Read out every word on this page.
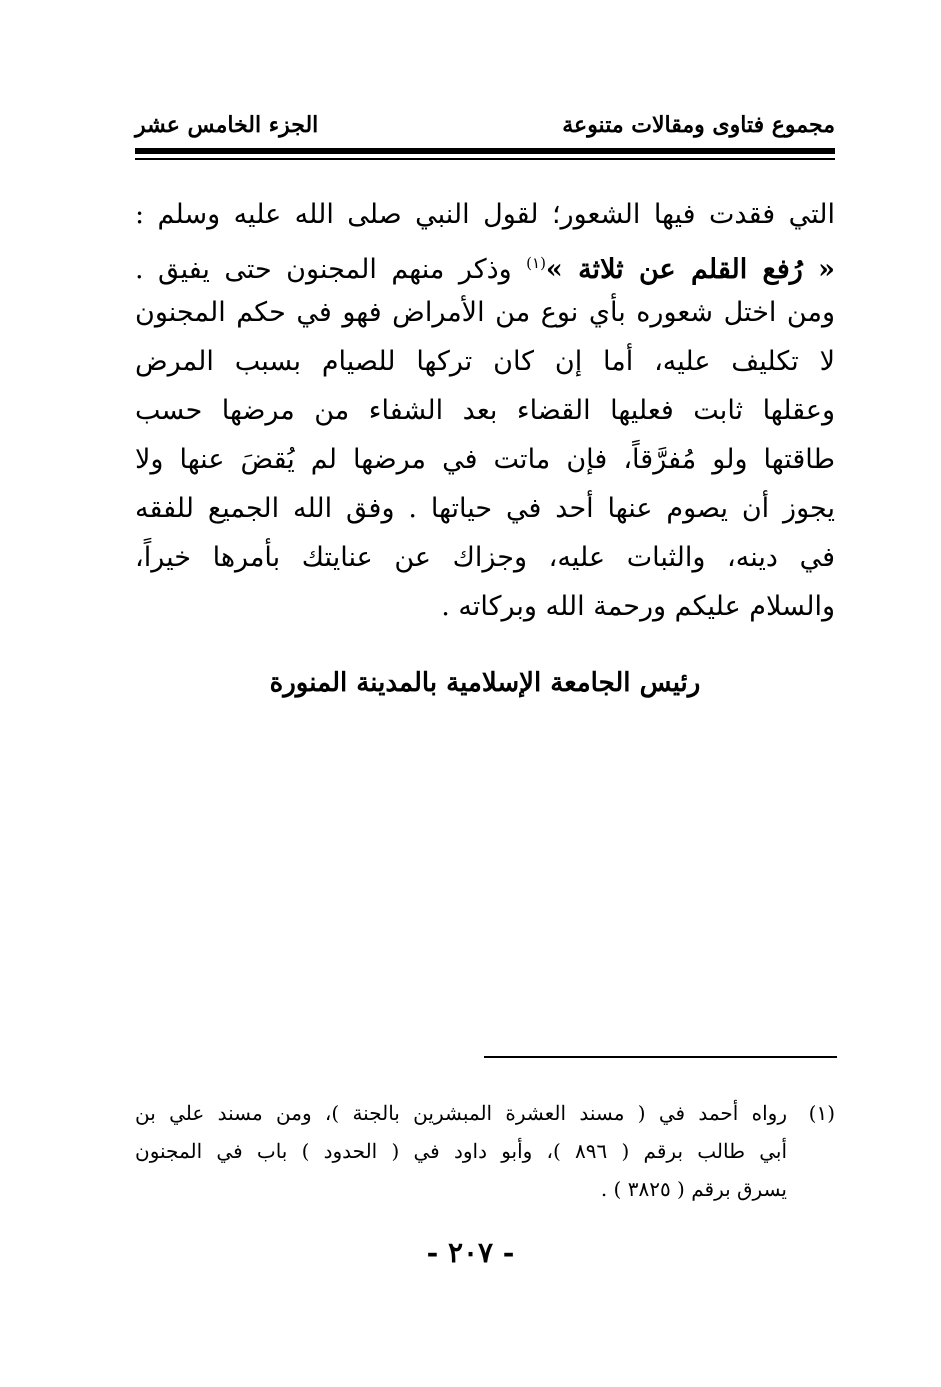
مجموع فتاوى ومقالات متنوعة
الجزء الخامس عشر
التي فقدت فيها الشعور؛ لقول النبي صلى الله عليه وسلم :
« رُفع القلم عن ثلاثة »$^{(١)}$ وذكر منهم المجنون حتى يفيق .
ومن اختل شعوره بأي نوع من الأمراض فهو في حكم المجنون
لا تكليف عليه، أما إن كان تركها للصيام بسبب المرض
وعقلها ثابت فعليها القضاء بعد الشفاء من مرضها حسب
طاقتها ولو مُفرَّقاً، فإن ماتت في مرضها لم يُقضَ عنها ولا
يجوز أن يصوم عنها أحد في حياتها . وفق الله الجميع للفقه
في دينه، والثبات عليه، وجزاك عن عنايتك بأمرها خيراً،
والسلام عليكم ورحمة الله وبركاته .
رئيس الجامعة الإسلامية بالمدينة المنورة
(١)
رواه أحمد في ( مسند العشرة المبشرين بالجنة )، ومن مسند علي بن
أبي طالب برقم ( ٨٩٦ )، وأبو داود في ( الحدود ) باب في المجنون
يسرق برقم ( ٣٨٢٥ ) .
- ٢٠٧ -
